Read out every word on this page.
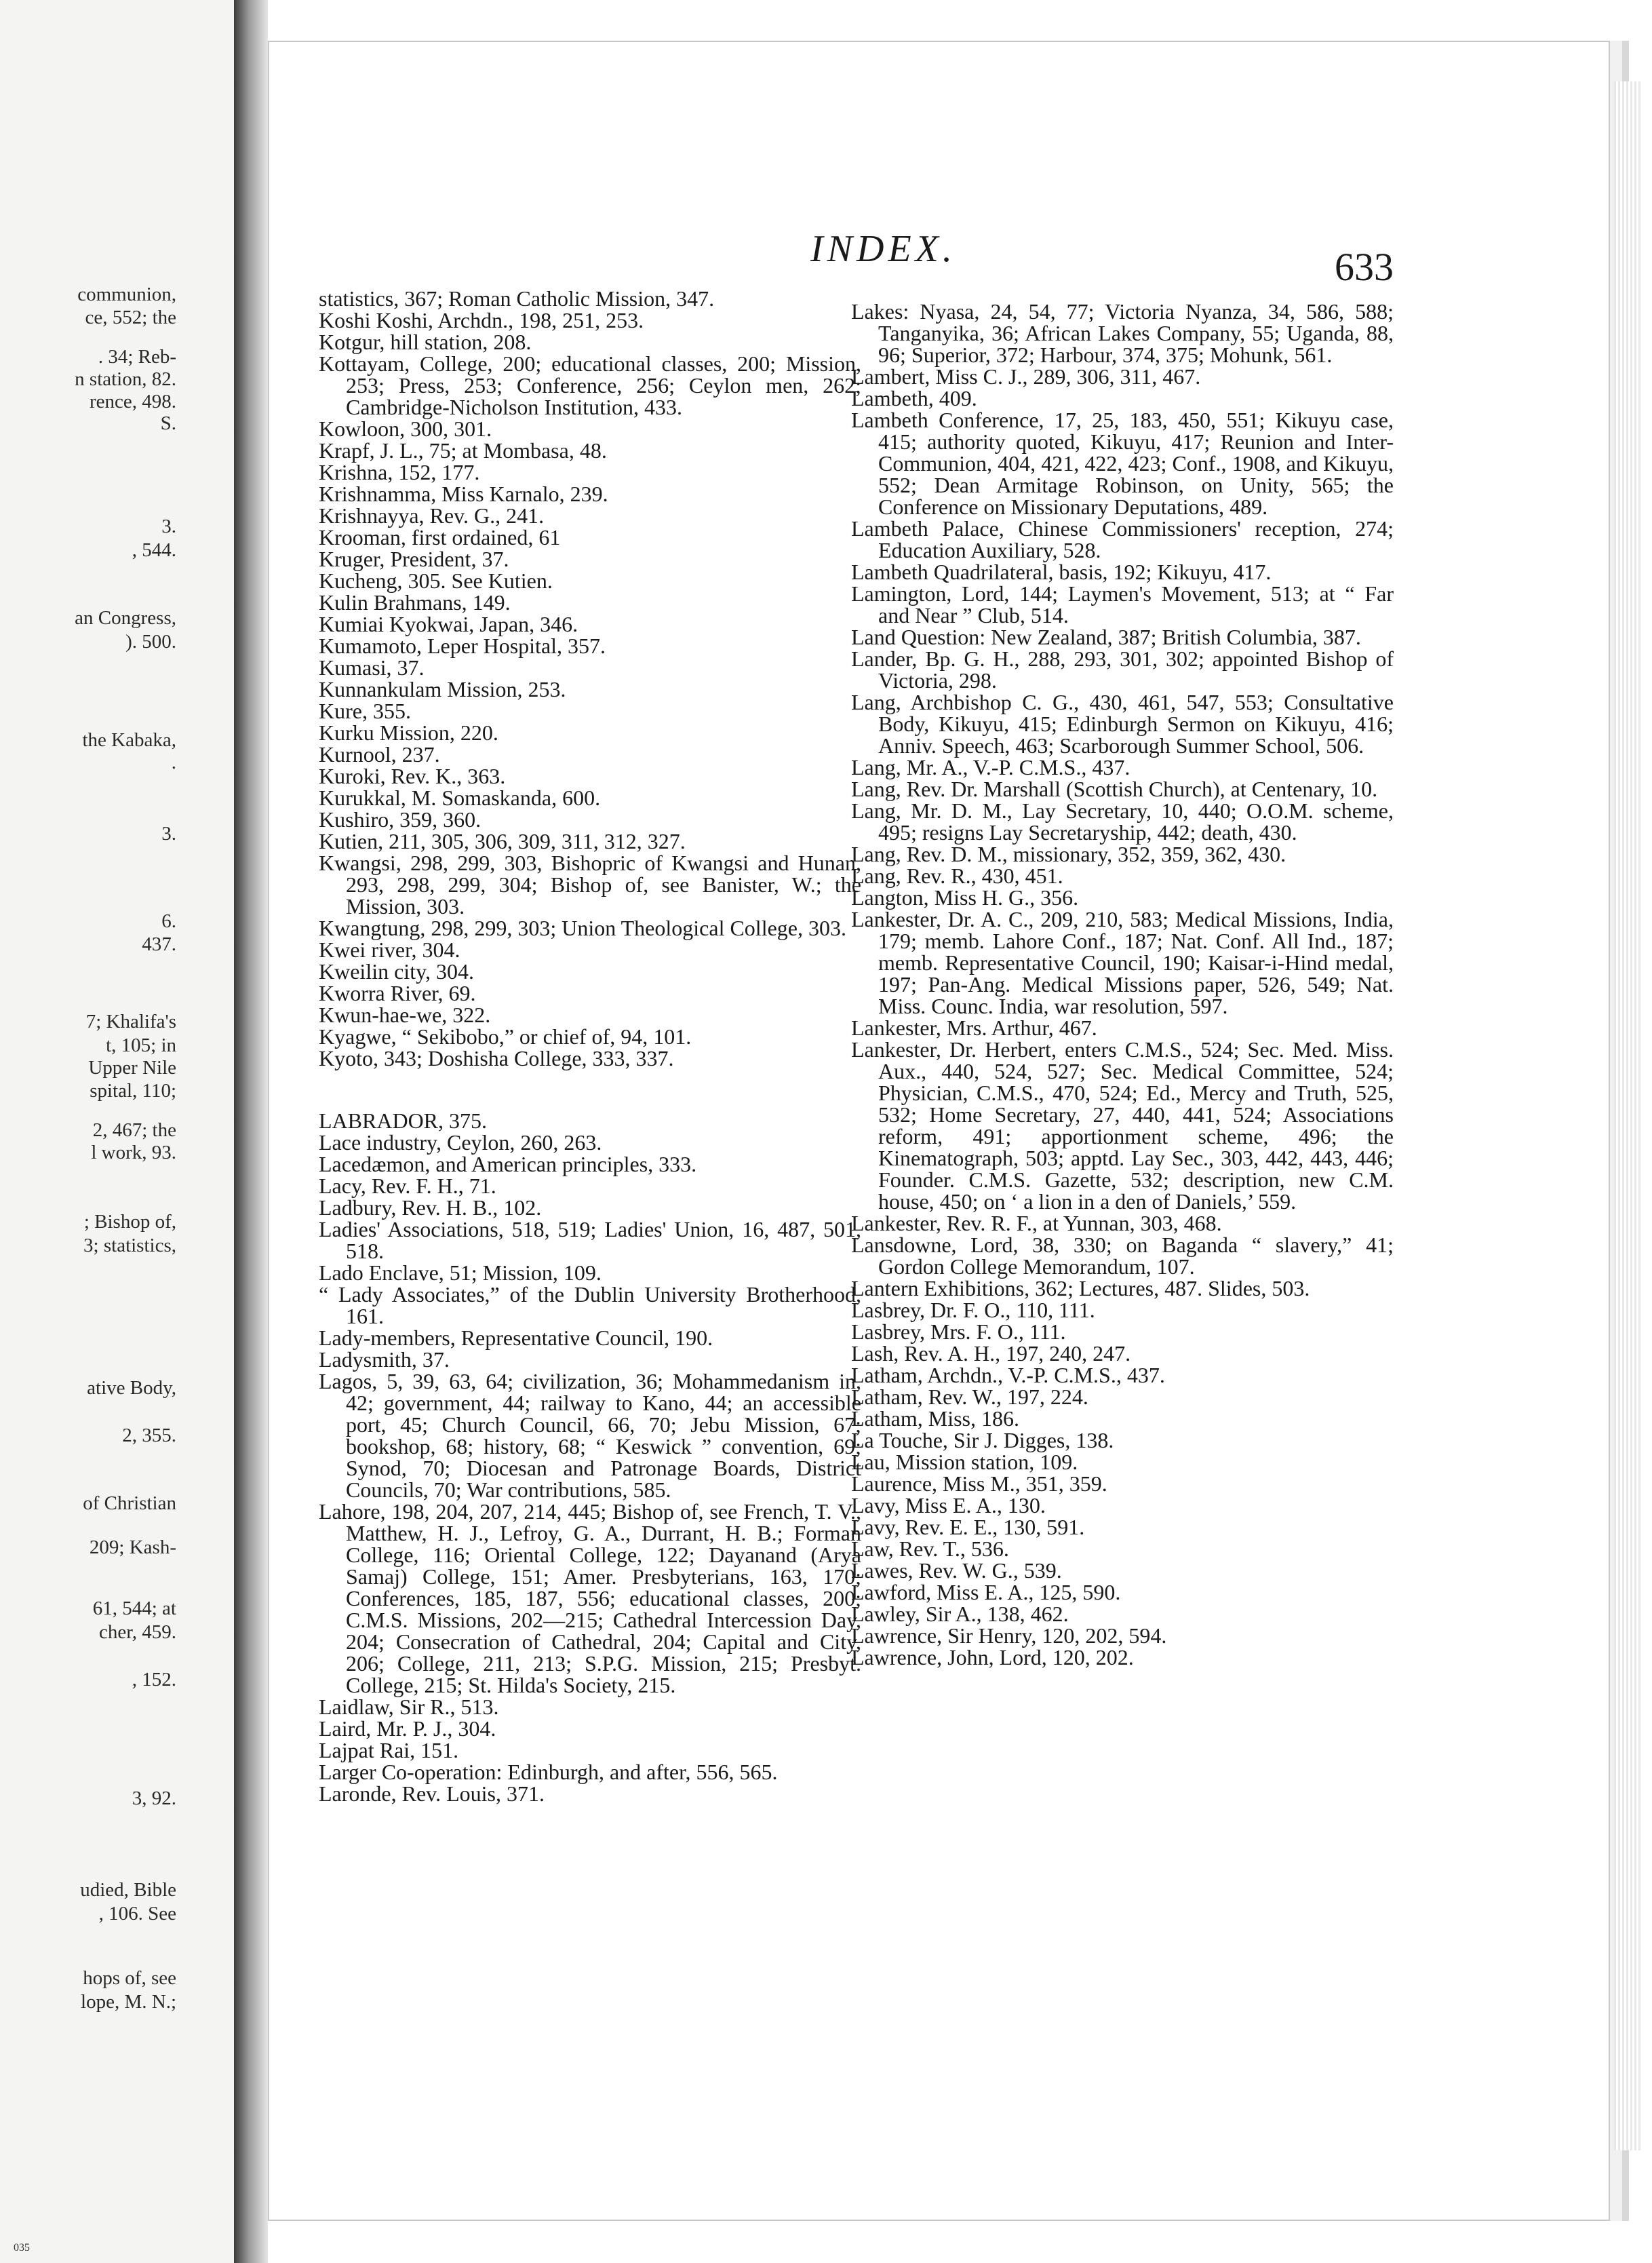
communion,
ce, 552; the
. 34; Reb-
n station, 82.
rence, 498.
S.
3.
, 544.
an Congress,
). 500.
the Kabaka,
.
3.
6.
437.
7; Khalifa's
t, 105; in
Upper Nile
spital, 110;
2, 467; the
l work, 93.
; Bishop of,
3; statistics,
ative Body,
2, 355.
of Christian
209; Kash-
61, 544; at
cher, 459.
, 152.
3, 92.
udied, Bible
, 106. See
hops of, see
lope, M. N.;
INDEX.	633

statistics, 367; Roman Catholic Mission, 347.

Koshi Koshi, Archdn., 198, 251, 253.

Kotgur, hill station, 208.

Kottayam, College, 200; educational classes, 200; Mission, 253; Press, 253; Conference, 256; Ceylon men, 262; Cambridge-Nicholson Institution, 433.

Kowloon, 300, 301.

Krapf, J. L., 75; at Mombasa, 48.

Krishna, 152, 177.

Krishnamma, Miss Karnalo, 239.

Krishnayya, Rev. G., 241.

Krooman, first ordained, 61

Kruger, President, 37.

Kucheng, 305. See Kutien.

Kulin Brahmans, 149.

Kumiai Kyokwai, Japan, 346.

Kumamoto, Leper Hospital, 357.

Kumasi, 37.

Kunnankulam Mission, 253.

Kure, 355.

Kurku Mission, 220.

Kurnool, 237.

Kuroki, Rev. K., 363.

Kurukkal, M. Somaskanda, 600.

Kushiro, 359, 360.

Kutien, 211, 305, 306, 309, 311, 312, 327.

Kwangsi, 298, 299, 303, Bishopric of Kwangsi and Hunan, 293, 298, 299, 304; Bishop of, see Banister, W.; the Mission, 303.

Kwangtung, 298, 299, 303; Union Theological College, 303.

Kwei river, 304.

Kweilin city, 304.

Kworra River, 69.

Kwun-hae-we, 322.

Kyagwe, “ Sekibobo,” or chief of, 94, 101.

Kyoto, 343; Doshisha College, 333, 337.

LABRADOR, 375.

Lace industry, Ceylon, 260, 263.

Lacedæmon, and American principles, 333.

Lacy, Rev. F. H., 71.

Ladbury, Rev. H. B., 102.

Ladies' Associations, 518, 519; Ladies' Union, 16, 487, 501, 518.

Lado Enclave, 51; Mission, 109.

“ Lady Associates,” of the Dublin University Brotherhood, 161.

Lady-members, Representative Council, 190.

Ladysmith, 37.

Lagos, 5, 39, 63, 64; civilization, 36; Mohammedanism in, 42; government, 44; railway to Kano, 44; an accessible port, 45; Church Council, 66, 70; Jebu Mission, 67; bookshop, 68; history, 68; “ Keswick ” convention, 69; Synod, 70; Diocesan and Patronage Boards, District Councils, 70; War contributions, 585.

Lahore, 198, 204, 207, 214, 445; Bishop of, see French, T. V., Matthew, H. J., Lefroy, G. A., Durrant, H. B.; Forman College, 116; Oriental College, 122; Dayanand (Arya Samaj) College, 151; Amer. Presbyterians, 163, 170; Conferences, 185, 187, 556; educational classes, 200; C.M.S. Missions, 202—215; Cathedral Intercession Day, 204; Consecration of Cathedral, 204; Capital and City, 206; College, 211, 213; S.P.G. Mission, 215; Presbyt. College, 215; St. Hilda's Society, 215.

Laidlaw, Sir R., 513.

Laird, Mr. P. J., 304.

Lajpat Rai, 151.

Larger Co-operation: Edinburgh, and after, 556, 565.

Laronde, Rev. Louis, 371.

Lakes: Nyasa, 24, 54, 77; Victoria Nyanza, 34, 586, 588; Tanganyika, 36; African Lakes Company, 55; Uganda, 88, 96; Superior, 372; Harbour, 374, 375; Mohunk, 561.

Lambert, Miss C. J., 289, 306, 311, 467.

Lambeth, 409.

Lambeth Conference, 17, 25, 183, 450, 551; Kikuyu case, 415; authority quoted, Kikuyu, 417; Reunion and Inter-Communion, 404, 421, 422, 423; Conf., 1908, and Kikuyu, 552; Dean Armitage Robinson, on Unity, 565; the Conference on Missionary Deputations, 489.

Lambeth Palace, Chinese Commissioners' reception, 274; Education Auxiliary, 528.

Lambeth Quadrilateral, basis, 192; Kikuyu, 417.

Lamington, Lord, 144; Laymen's Movement, 513; at “ Far and Near ” Club, 514.

Land Question: New Zealand, 387; British Columbia, 387.

Lander, Bp. G. H., 288, 293, 301, 302; appointed Bishop of Victoria, 298.

Lang, Archbishop C. G., 430, 461, 547, 553; Consultative Body, Kikuyu, 415; Edinburgh Sermon on Kikuyu, 416; Anniv. Speech, 463; Scarborough Summer School, 506.

Lang, Mr. A., V.-P. C.M.S., 437.

Lang, Rev. Dr. Marshall (Scottish Church), at Centenary, 10.

Lang, Mr. D. M., Lay Secretary, 10, 440; O.O.M. scheme, 495; resigns Lay Secretaryship, 442; death, 430.

Lang, Rev. D. M., missionary, 352, 359, 362, 430.

Lang, Rev. R., 430, 451.

Langton, Miss H. G., 356.

Lankester, Dr. A. C., 209, 210, 583; Medical Missions, India, 179; memb. Lahore Conf., 187; Nat. Conf. All Ind., 187; memb. Representative Council, 190; Kaisar-i-Hind medal, 197; Pan-Ang. Medical Missions paper, 526, 549; Nat. Miss. Counc. India, war resolution, 597.

Lankester, Mrs. Arthur, 467.

Lankester, Dr. Herbert, enters C.M.S., 524; Sec. Med. Miss. Aux., 440, 524, 527; Sec. Medical Committee, 524; Physician, C.M.S., 470, 524; Ed., Mercy and Truth, 525, 532; Home Secretary, 27, 440, 441, 524; Associations reform, 491; apportionment scheme, 496; the Kinematograph, 503; apptd. Lay Sec., 303, 442, 443, 446; Founder. C.M.S. Gazette, 532; description, new C.M. house, 450; on ‘ a lion in a den of Daniels,’ 559.

Lankester, Rev. R. F., at Yunnan, 303, 468.

Lansdowne, Lord, 38, 330; on Baganda “ slavery,” 41; Gordon College Memorandum, 107.

Lantern Exhibitions, 362; Lectures, 487. Slides, 503.

Lasbrey, Dr. F. O., 110, 111.

Lasbrey, Mrs. F. O., 111.

Lash, Rev. A. H., 197, 240, 247.

Latham, Archdn., V.-P. C.M.S., 437.

Latham, Rev. W., 197, 224.

Latham, Miss, 186.

La Touche, Sir J. Digges, 138.

Lau, Mission station, 109.

Laurence, Miss M., 351, 359.

Lavy, Miss E. A., 130.

Lavy, Rev. E. E., 130, 591.

Law, Rev. T., 536.

Lawes, Rev. W. G., 539.

Lawford, Miss E. A., 125, 590.

Lawley, Sir A., 138, 462.

Lawrence, Sir Henry, 120, 202, 594.

Lawrence, John, Lord, 120, 202.

035
